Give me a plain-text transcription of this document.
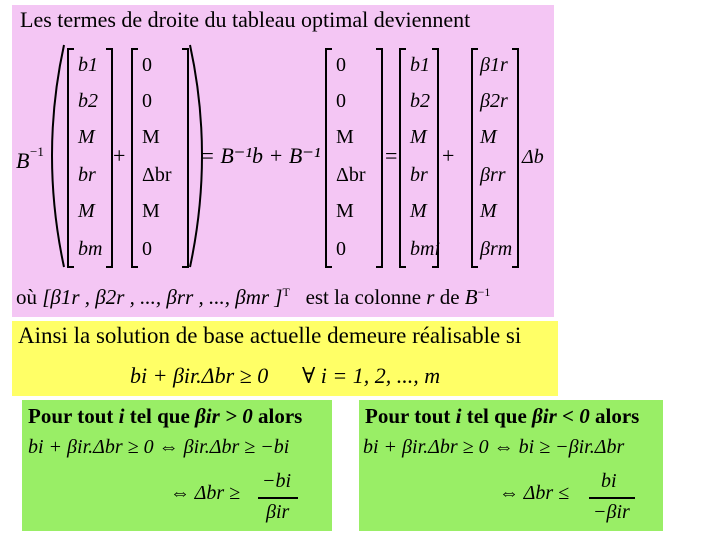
Les termes de droite du tableau optimal deviennent
B −1
b1
b2
M
br
M
bm
+
0
0
M
Δbr
M
0
= B⁻¹b + B⁻¹
0
0
M
Δbr
M
0
=
b1
b2
M
br
M
bmi
+
β1r
β2r
M
βrr
M
βrm
Δb
où [β1r , β2r , ..., βrr , ..., βmr ]$^T$ est la colonne r de $B^{-1}$
Ainsi la solution de base actuelle demeure réalisable si
bi + βir.Δbr ≥ 0 ∀ i = 1, 2, ..., m
Pour tout i tel que βir > 0 alors
bi + βir.Δbr ≥ 0 ⇔ βir.Δbr ≥ −bi
⇔ Δbr ≥
−bi
βir
Pour tout i tel que βir < 0 alors
bi + βir.Δbr ≥ 0 ⇔ bi ≥ −βir.Δbr
⇔ Δbr ≤
bi
−βir
